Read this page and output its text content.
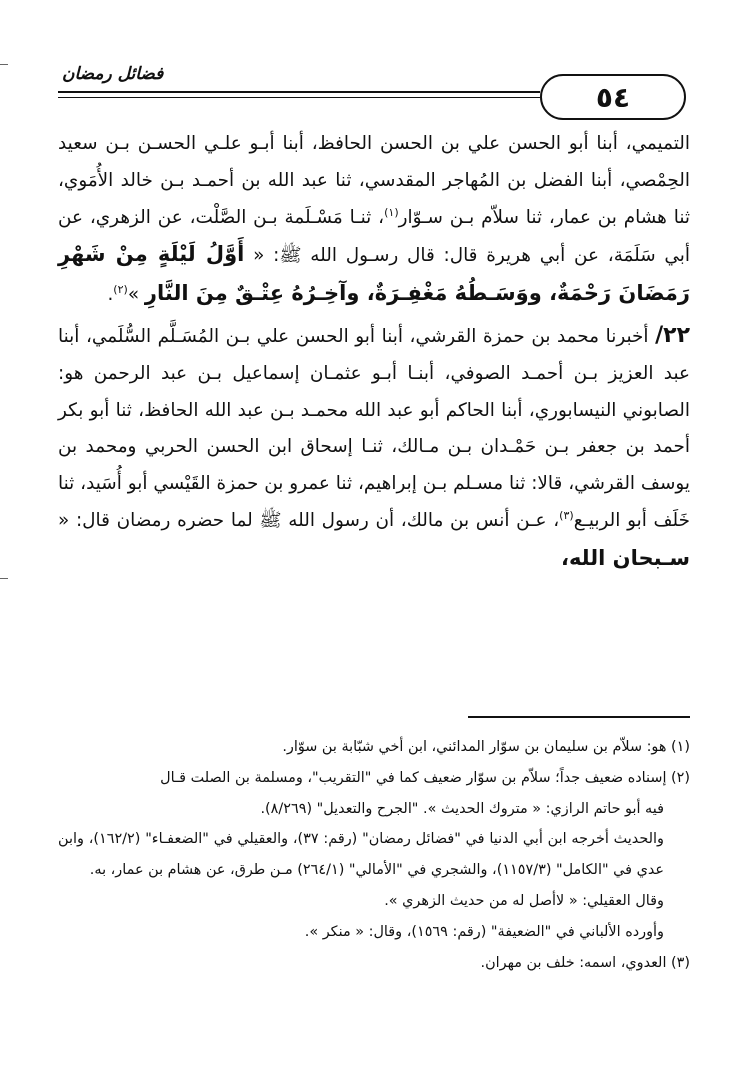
فضائل رمضان
٥٤

التميمي، أبنا أبو الحسن علي بن الحسن الحافظ، أبنا أبـو علـي الحسـن بـن سعيد الحِمْصي، أبنا الفضل بن المُهاجر المقدسي، ثنا عبد الله بن أحمـد بـن خالد الأُمَوي، ثنا هشام بن عمار، ثنا سلاّم بـن سـوّار$^{(١)}$، ثنـا مَسْـلَمة بـن الصَّلْت، عن الزهري، عن أبي سَلَمَة، عن أبي هريرة قال: قال رسـول الله ﷺ: « أَوَّلُ لَيْلَةٍ مِنْ شَهْرِ رَمَضَانَ رَحْمَةٌ، ووَسَـطُهُ مَغْفِـرَةٌ، وآخِـرُهُ عِتْـقٌ مِنَ النَّارِ »$^{(٢)}$.

٢٢/ أخبرنا محمد بن حمزة القرشي، أبنا أبو الحسن علي بـن المُسَـلَّم السُّلَمي، أبنا عبد العزيز بـن أحمـد الصوفي، أبنـا أبـو عثمـان إسماعيل بـن عبد الرحمن هو: الصابوني النيسابوري، أبنا الحاكم أبو عبد الله محمـد بـن عبد الله الحافظ، ثنا أبو بكر أحمد بن جعفر بـن حَمْـدان بـن مـالك، ثنـا إسحاق ابن الحسن الحربي ومحمد بن يوسف القرشي، قالا: ثنا مسـلم بـن إبراهيم، ثنا عمرو بن حمزة القَيْسي أبو أُسَيد، ثنا خَلَف أبو الربيـع$^{(٣)}$، عـن أنس بن مالك، أن رسول الله ﷺ لما حضره رمضان قال: « سـبحان الله،

(١) هو: سلاّم بن سليمان بن سوّار المدائني، ابن أخي شبّابة بن سوّار.

(٢) إسناده ضعيف جداً؛ سلاّم بن سوّار ضعيف كما في "التقريب"، ومسلمة بن الصلت قـال

فيه أبو حاتم الرازي: « متروك الحديث ». "الجرح والتعديل" (٨/٢٦٩).

والحديث أخرجه ابن أبي الدنيا في "فضائل رمضان" (رقم: ٣٧)، والعقيلي في "الضعفـاء" (١٦٢/٢)، وابن عدي في "الكامل" (١١٥٧/٣)، والشجري في "الأمالي" (٢٦٤/١) مـن طرق، عن هشام بن عمار، به.

وقال العقيلي: « لاأصل له من حديث الزهري ».

وأورده الألباني في "الضعيفة" (رقم: ١٥٦٩)، وقال: « منكر ».

(٣) العدوي، اسمه: خلف بن مهران.
